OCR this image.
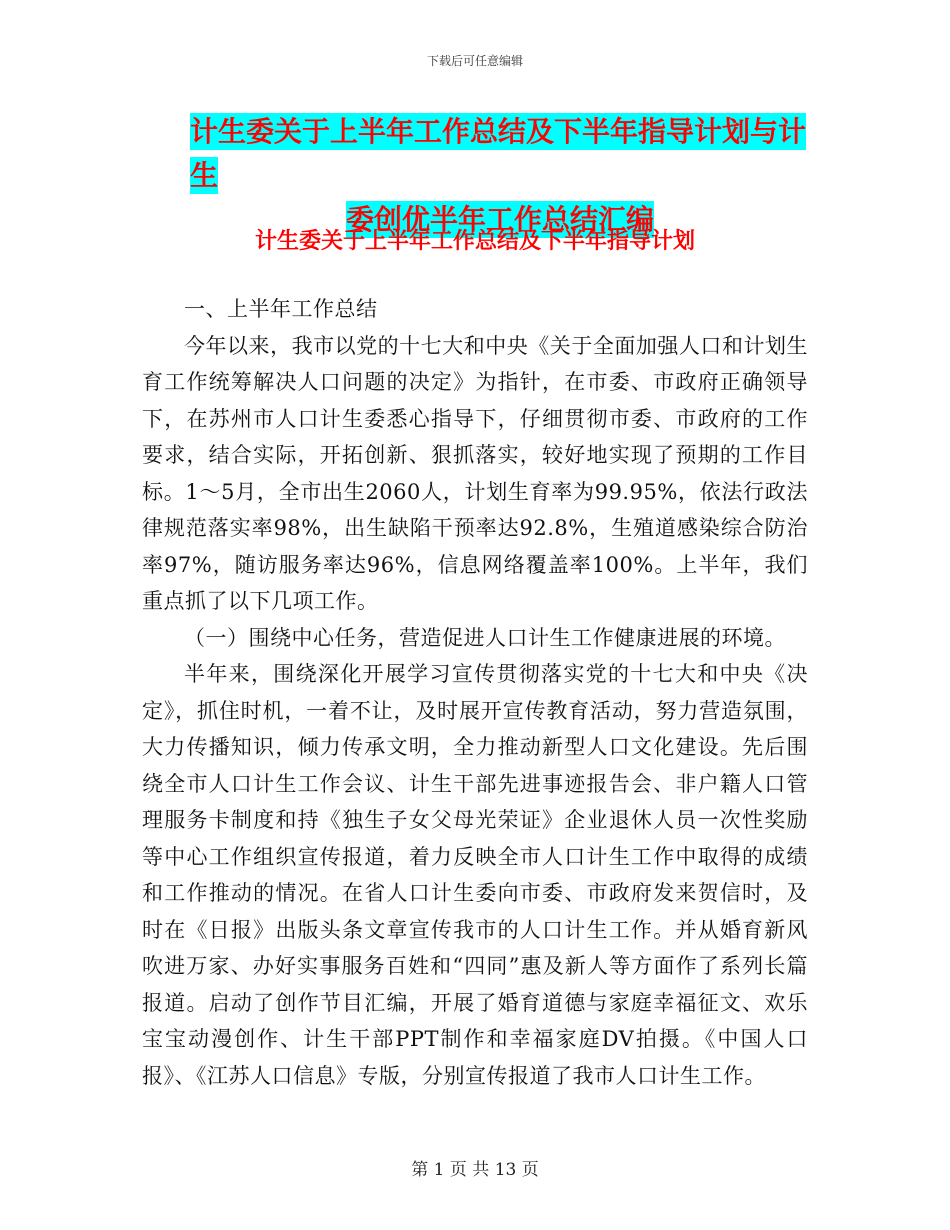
下载后可任意编辑
计生委关于上半年工作总结及下半年指导计划与计生
委创优半年工作总结汇编
计生委关于上半年工作总结及下半年指导计划

一、上半年工作总结

今年以来，我市以党的十七大和中央《关于全面加强人口和计划生育工作统筹解决人口问题的决定》为指针，在市委、市政府正确领导下，在苏州市人口计生委悉心指导下，仔细贯彻市委、市政府的工作要求，结合实际，开拓创新、狠抓落实，较好地实现了预期的工作目标。1～5月，全市出生2060人，计划生育率为99.95%，依法行政法律规范落实率98%，出生缺陷干预率达92.8%，生殖道感染综合防治率97%，随访服务率达96%，信息网络覆盖率100%。上半年，我们重点抓了以下几项工作。

（一）围绕中心任务，营造促进人口计生工作健康进展的环境。

半年来，围绕深化开展学习宣传贯彻落实党的十七大和中央《决定》，抓住时机，一着不让，及时展开宣传教育活动，努力营造氛围，大力传播知识，倾力传承文明，全力推动新型人口文化建设。先后围绕全市人口计生工作会议、计生干部先进事迹报告会、非户籍人口管理服务卡制度和持《独生子女父母光荣证》企业退休人员一次性奖励等中心工作组织宣传报道，着力反映全市人口计生工作中取得的成绩和工作推动的情况。在省人口计生委向市委、市政府发来贺信时，及时在《日报》出版头条文章宣传我市的人口计生工作。并从婚育新风吹进万家、办好实事服务百姓和“四同”惠及新人等方面作了系列长篇报道。启动了创作节目汇编，开展了婚育道德与家庭幸福征文、欢乐宝宝动漫创作、计生干部PPT制作和幸福家庭DV拍摄。《中国人口报》、《江苏人口信息》专版，分别宣传报道了我市人口计生工作。

第 1 页 共 13 页
